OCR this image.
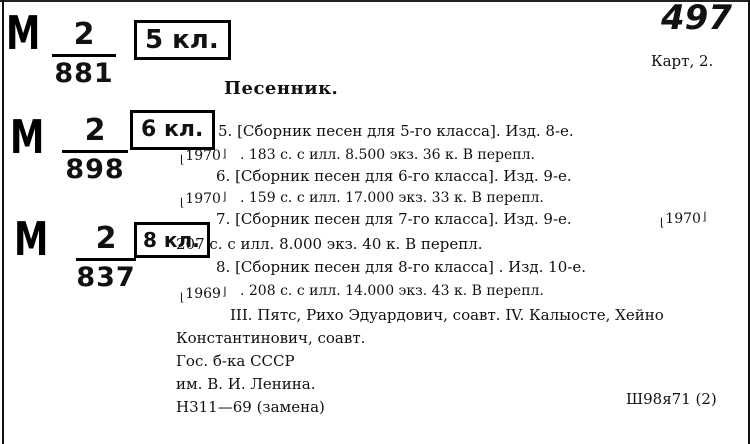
497
М	2
881
5 кл.
М	2
898
6 кл.
М	2
837
8 кл.
Карт, 2.
Песенник.
5. [Сборник песен для 5-го класса]. Изд. 8-е.
⌊ 1970 ⌋	. 183 с. с илл. 8.500 экз. 36 к. В перепл.
6. [Сборник песен для 6-го класса]. Изд. 9-е.
⌊ 1970 ⌋	. 159 с. с илл. 17.000 экз. 33 к. В перепл.
7. [Сборник песен для 7-го класса]. Изд. 9-е.	⌊ 1970 ⌋
207 с. с илл. 8.000 экз. 40 к. В перепл.
8. [Сборник песен для 8-го класса] . Изд. 10-е.
⌊ 1969 ⌋	. 208 с. с илл. 14.000 экз. 43 к. В перепл.
III. Пятс, Рихо Эдуардович, соавт. IV. Калыосте, Хейно
Константинович, соавт.
Гос. б-ка СССР
им. В. И. Ленина.
Н311—69 (замена)	Ш98я71 (2)
